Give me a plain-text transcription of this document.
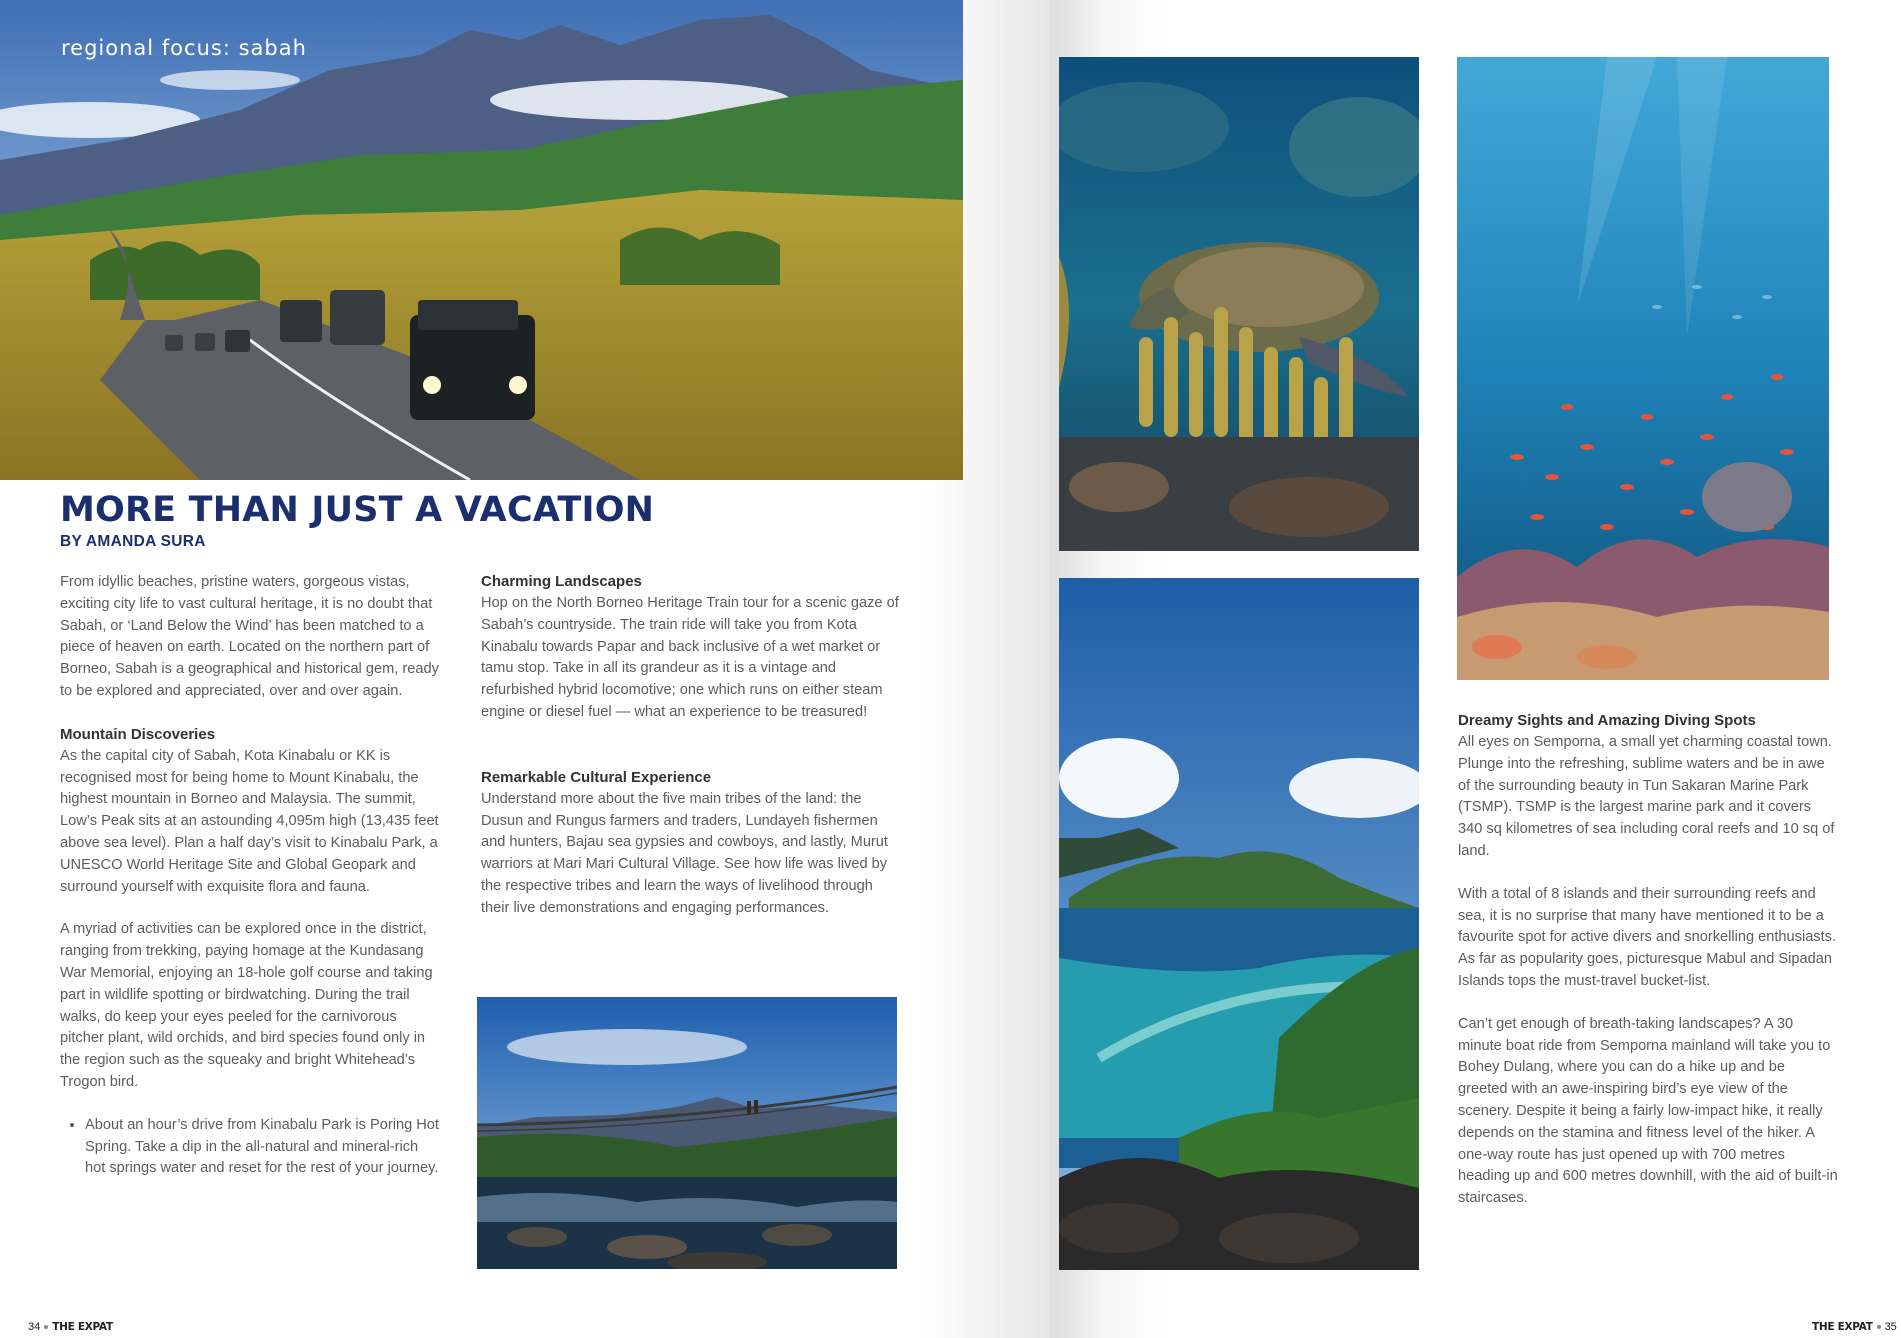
regional focus: sabah
MORE THAN JUST A VACATION
BY AMANDA SURA

From idyllic beaches, pristine waters, gorgeous vistas, exciting city life to vast cultural heritage, it is no doubt that Sabah, or ‘Land Below the Wind’ has been matched to a piece of heaven on earth. Located on the northern part of Borneo, Sabah is a geographical and historical gem, ready to be explored and appreciated, over and over again.

Mountain Discoveries

As the capital city of Sabah, Kota Kinabalu or KK is recognised most for being home to Mount Kinabalu, the highest mountain in Borneo and Malaysia. The summit, Low’s Peak sits at an astounding 4,095m high (13,435 feet above sea level). Plan a half day’s visit to Kinabalu Park, a UNESCO World Heritage Site and Global Geopark and surround yourself with exquisite flora and fauna.

A myriad of activities can be explored once in the district, ranging from trekking, paying homage at the Kundasang War Memorial, enjoying an 18-hole golf course and taking part in wildlife spotting or birdwatching. During the trail walks, do keep your eyes peeled for the carnivorous pitcher plant, wild orchids, and bird species found only in the region such as the squeaky and bright Whitehead’s Trogon bird.

• About an hour’s drive from Kinabalu Park is Poring Hot Spring. Take a dip in the all-natural and mineral-rich hot springs water and reset for the rest of your journey.
Charming Landscapes

Hop on the North Borneo Heritage Train tour for a scenic gaze of Sabah’s countryside. The train ride will take you from Kota Kinabalu towards Papar and back inclusive of a wet market or tamu stop. Take in all its grandeur as it is a vintage and refurbished hybrid locomotive; one which runs on either steam engine or diesel fuel — what an experience to be treasured!

Remarkable Cultural Experience

Understand more about the five main tribes of the land: the Dusun and Rungus farmers and traders, Lundayeh fishermen and hunters, Bajau sea gypsies and cowboys, and lastly, Murut warriors at Mari Mari Cultural Village. See how life was lived by the respective tribes and learn the ways of livelihood through their live demonstrations and engaging performances.

Dreamy Sights and Amazing Diving Spots

All eyes on Semporna, a small yet charming coastal town. Plunge into the refreshing, sublime waters and be in awe of the surrounding beauty in Tun Sakaran Marine Park (TSMP). TSMP is the largest marine park and it covers 340 sq kilometres of sea including coral reefs and 10 sq of land.

With a total of 8 islands and their surrounding reefs and sea, it is no surprise that many have mentioned it to be a favourite spot for active divers and snorkelling enthusiasts. As far as popularity goes, picturesque Mabul and Sipadan Islands tops the must-travel bucket-list.

Can’t get enough of breath-taking landscapes? A 30 minute boat ride from Semporna mainland will take you to Bohey Dulang, where you can do a hike up and be greeted with an awe-inspiring bird’s eye view of the scenery. Despite it being a fairly low-impact hike, it really depends on the stamina and fitness level of the hiker. A one-way route has just opened up with 700 metres heading up and 600 metres downhill, with the aid of built-in staircases.

34 THE EXPAT	THE EXPAT 35
